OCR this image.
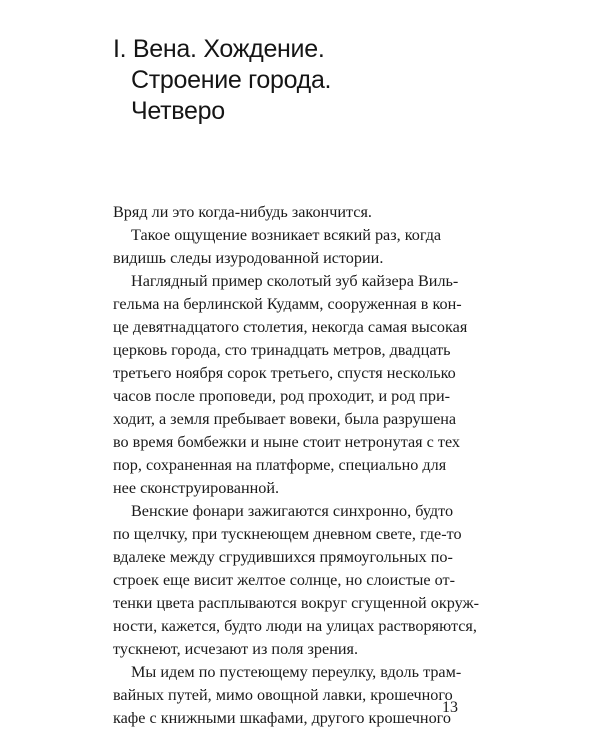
I. Вена. Хождение.
Строение города.
Четверо
Вряд ли это когда-нибудь закончится.
Такое ощущение возникает всякий раз, когда
видишь следы изуродованной истории.
Наглядный пример сколотый зуб кайзера Виль-
гельма на берлинской Кудамм, сооруженная в кон-
це девятнадцатого столетия, некогда самая высокая
церковь города, сто тринадцать метров, двадцать
третьего ноября сорок третьего, спустя несколько
часов после проповеди, род проходит, и род при-
ходит, а земля пребывает вовеки, была разрушена
во время бомбежки и ныне стоит нетронутая с тех
пор, сохраненная на платформе, специально для
нее сконструированной.
Венские фонари зажигаются синхронно, будто
по щелчку, при тускнеющем дневном свете, где-то
вдалеке между сгрудившихся прямоугольных по-
строек еще висит желтое солнце, но слоистые от-
тенки цвета расплываются вокруг сгущенной окруж-
ности, кажется, будто люди на улицах растворяются,
тускнеют, исчезают из поля зрения.
Мы идем по пустеющему переулку, вдоль трам-
вайных путей, мимо овощной лавки, крошечного
кафе с книжными шкафами, другого крошечного
13
